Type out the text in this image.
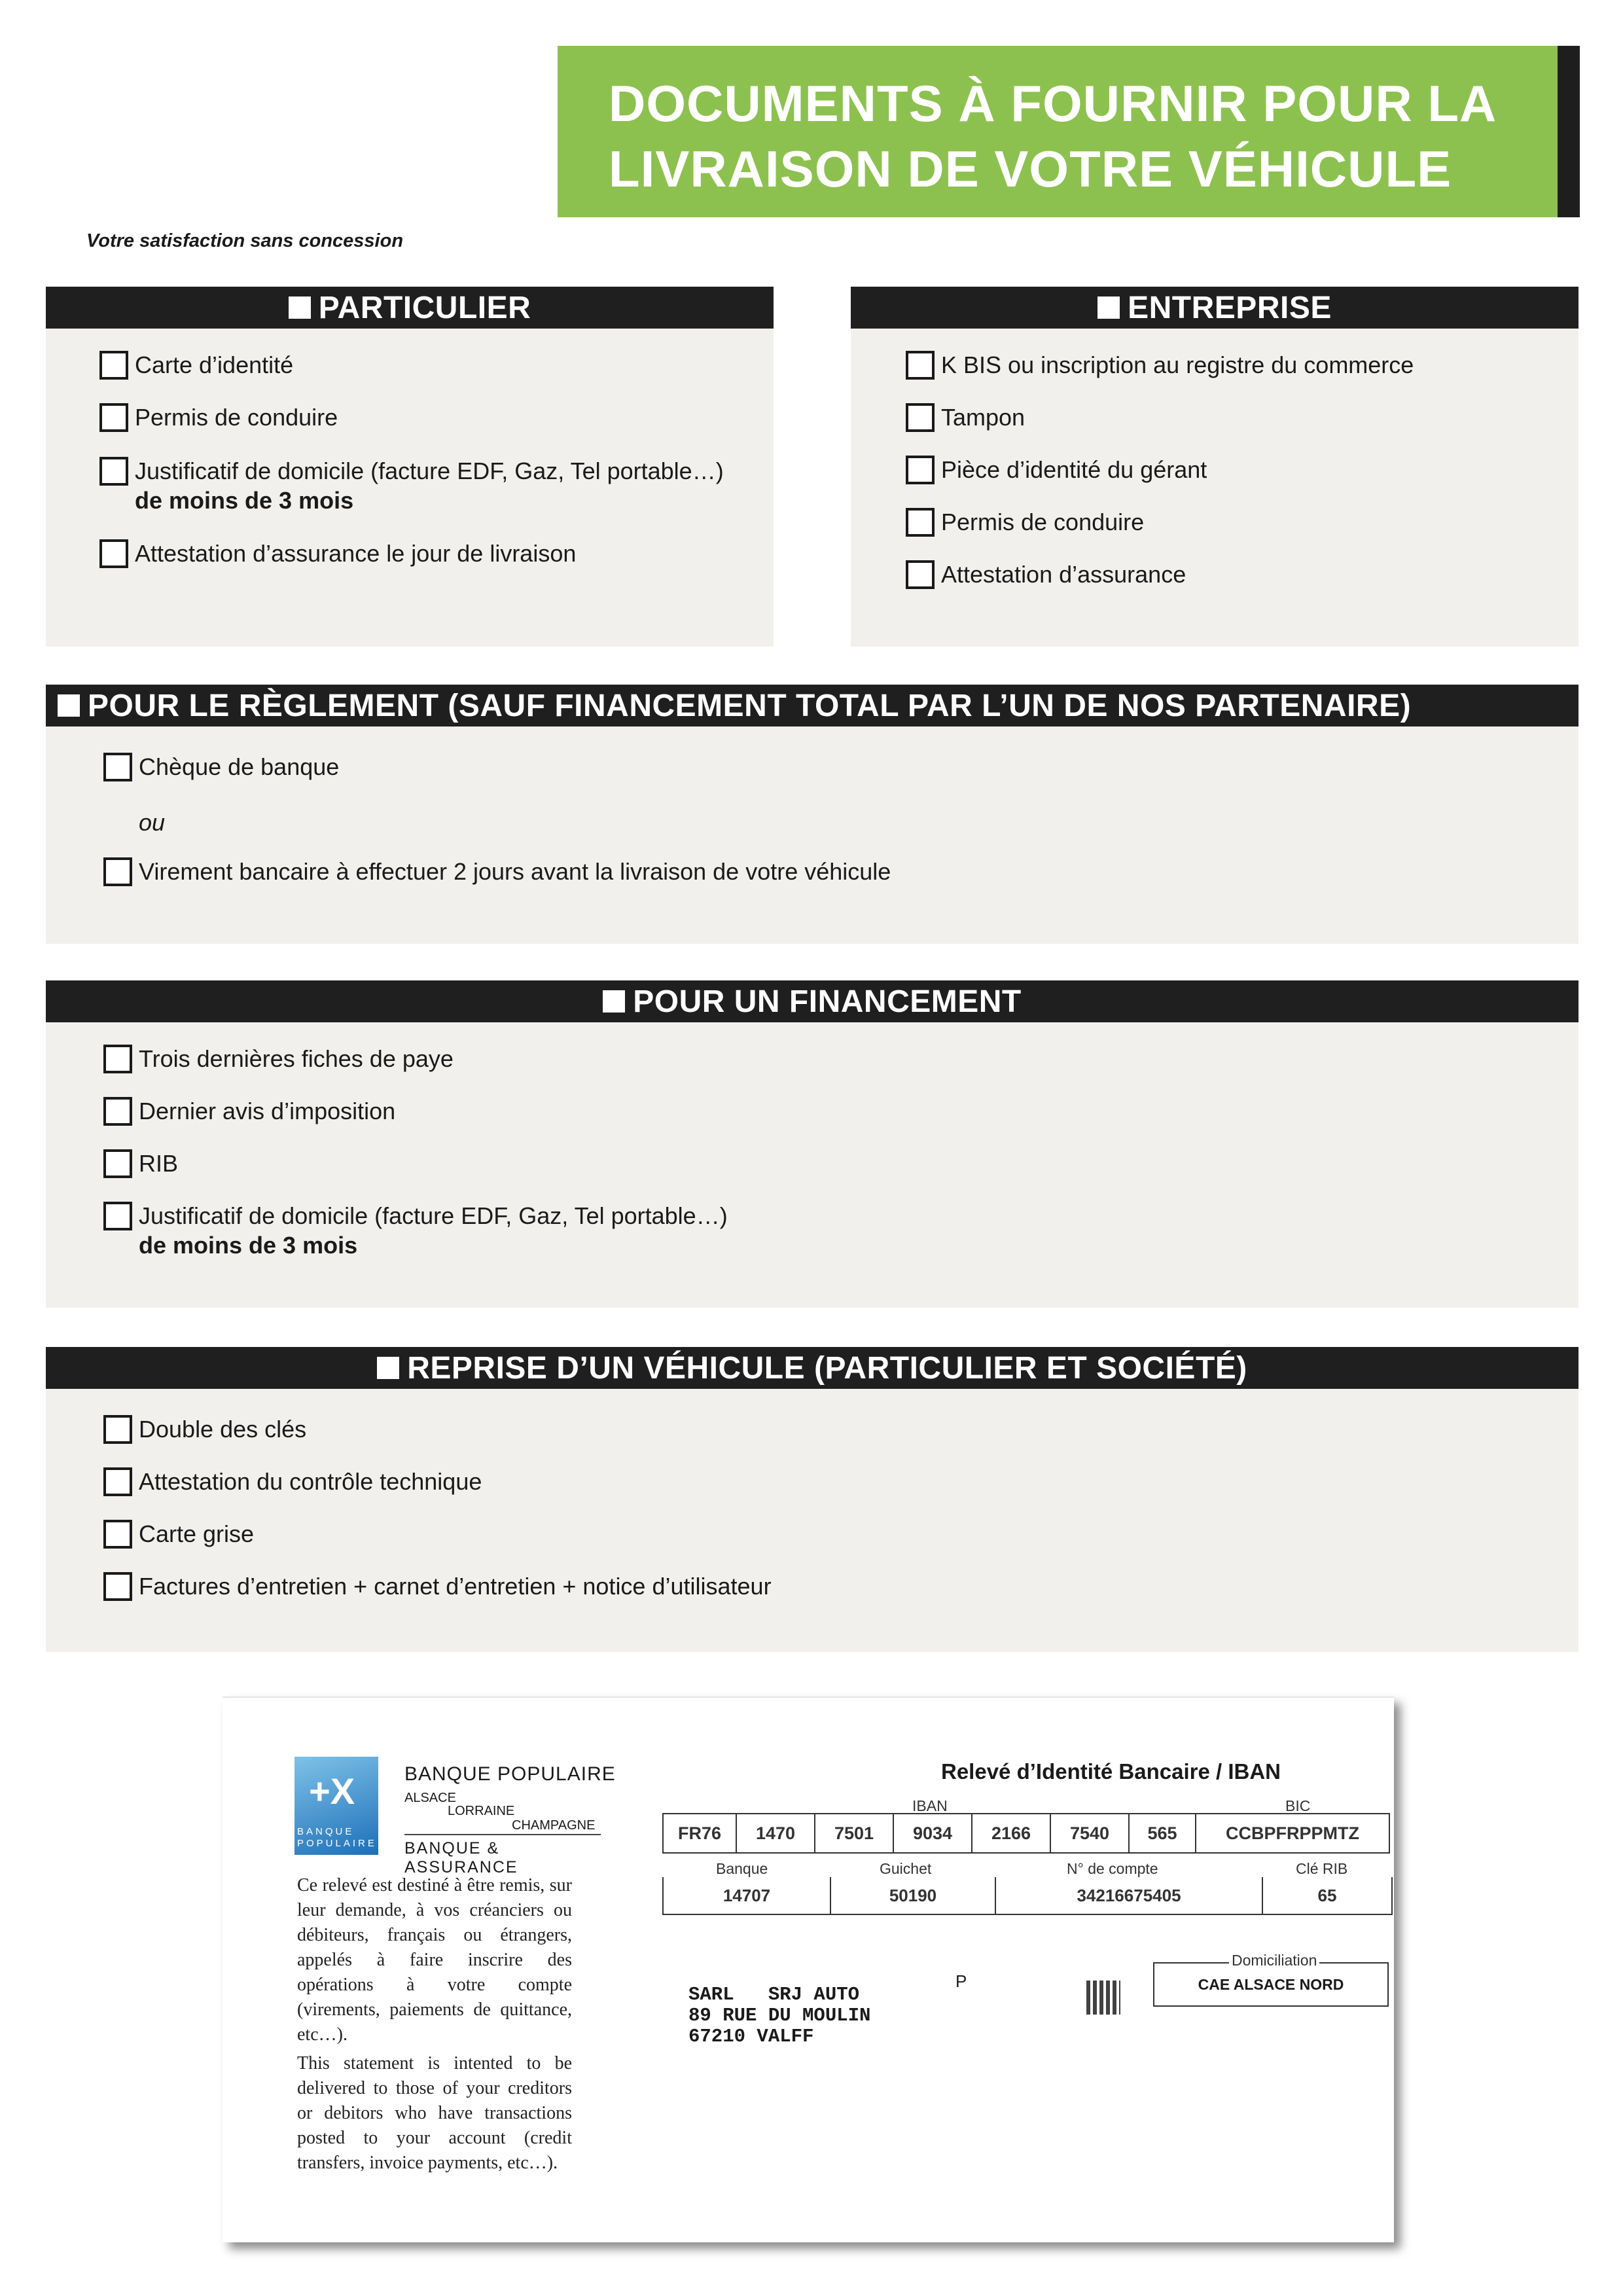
DOCUMENTS À FOURNIR POUR LA
LIVRAISON DE VOTRE VÉHICULE
Votre satisfaction sans concession
PARTICULIER
Carte d’identité
Permis de conduire
Justificatif de domicile (facture EDF, Gaz, Tel portable…)
de moins de 3 mois
Attestation d’assurance le jour de livraison
ENTREPRISE
K BIS ou inscription au registre du commerce
Tampon
Pièce d’identité du gérant
Permis de conduire
Attestation d’assurance
POUR LE RÈGLEMENT (SAUF FINANCEMENT TOTAL PAR L’UN DE NOS PARTENAIRE)
Chèque de banque
ou
Virement bancaire à effectuer 2 jours avant la livraison de votre véhicule
POUR UN FINANCEMENT
Trois dernières fiches de paye
Dernier avis d’imposition
RIB
Justificatif de domicile (facture EDF, Gaz, Tel portable…)
de moins de 3 mois
REPRISE D’UN VÉHICULE (PARTICULIER ET SOCIÉTÉ)
Double des clés
Attestation du contrôle technique
Carte grise
Factures d’entretien + carnet d’entretien + notice d’utilisateur
+X
BANQUE POPULAIRE
BANQUE POPULAIRE
ALSACE
LORRAINE
CHAMPAGNE
BANQUE & ASSURANCE
Ce relevé est destiné à être remis, sur leur demande, à vos créanciers ou débiteurs, français ou étrangers, appelés à faire inscrire des opérations à votre compte (virements, paiements de quittance, etc…).
This statement is intented to be delivered to those of your creditors or debitors who have transactions posted to your account (credit transfers, invoice payments, etc…).
Relevé d’Identité Bancaire / IBAN
IBAN	BIC
FR76	1470	7501	9034	2166	7540	565	CCBPFRPPMTZ
Banque	Guichet	N° de compte	Clé RIB
14707	50190	34216675405	65
P
SARL   SRJ AUTO
89 RUE DU MOULIN
67210 VALFF
Domiciliation
CAE ALSACE NORD
